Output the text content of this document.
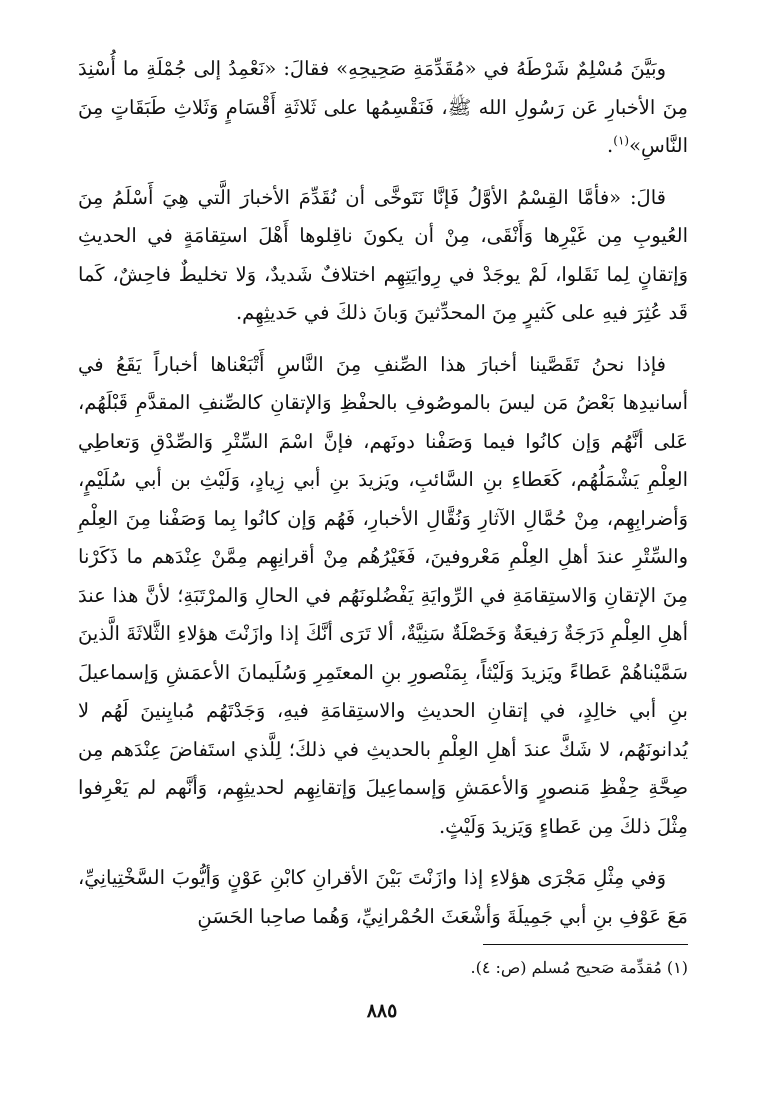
وبَيَّنَ مُسْلِمٌ شَرْطَهُ في «مُقَدِّمَةِ صَحِيحِهِ» فقالَ: «نَعْمِدُ إلى جُمْلَةِ ما أُسْنِدَ مِنَ الأخبارِ عَن رَسُولِ الله ﷺ، فَنَقْسِمُها على ثَلاثَةِ أَقْسَامٍ وَثَلاثِ طَبَقَاتٍ مِنَ النَّاسِ»$^{(١)}$.

قالَ: «فأمَّا القِسْمُ الأوَّلُ فَإنَّا نَتَوخَّى أن نُقَدِّمَ الأخبارَ الَّتي هِيَ أَسْلَمُ مِنَ العُيوبِ مِن غَيْرِها وَأَنْقَى، مِنْ أن يكونَ ناقِلوها أَهْلَ استِقامَةٍ في الحديثِ وَإتقانٍ لِما نَقَلوا، لَمْ يوجَدْ في رِوايَتِهِم اختلافٌ شَديدٌ، وَلا تخليطٌ فاحِشٌ، كَما قَد عُثِرَ فيهِ على كَثيرٍ مِنَ المحدِّثينَ وَبانَ ذلكَ في حَديثِهِم.

فإذا نحنُ تَقَصَّينا أخبارَ هذا الصِّنفِ مِنَ النَّاسِ أَتْبَعْناها أخباراً يَقَعُ في أسانيدِها بَعْضُ مَن ليسَ بالموصُوفِ بالحفْظِ وَالإتقانِ كالصِّنفِ المقدَّمِ قَبْلَهُم، عَلى أنَّهُم وَإن كانُوا فيما وَصَفْنا دونَهم، فإنَّ اسْمَ السِّتْرِ وَالصِّدْقِ وَتعاطِي العِلْمِ يَشْمَلُهُم، كَعَطاءِ بنِ السَّائبِ، ويَزيدَ بنِ أبي زِيادٍ، وَلَيْثِ بن أبي سُلَيْمٍ، وَأضرابِهِم، مِنْ حُمَّالِ الآثارِ وَنُقَّالِ الأخبارِ، فَهُم وَإن كانُوا بِما وَصَفْنا مِنَ العِلْمِ والسِّتْرِ عندَ أهلِ العِلْمِ مَعْروفينَ، فَغَيْرُهُم مِنْ أقرانِهِم مِمَّنْ عِنْدَهم ما ذَكَرْنا مِنَ الإتقانِ وَالاستِقامَةِ في الرِّوايَةِ يَفْضُلونَهُم في الحالِ وَالمرْتَبَةِ؛ لأنَّ هذا عندَ أهلِ العِلْمِ دَرَجَةٌ رَفيعَةٌ وَخَصْلَةٌ سَنِيَّةٌ، ألا تَرَى أنَّكَ إذا وازَنْتَ هؤلاءِ الثَّلاثَةَ الَّذينَ سَمَّيْناهُمْ عَطاءً ويَزيدَ وَلَيْثاً، بِمَنْصورِ بنِ المعتَمِرِ وَسُلَيمانَ الأعمَشِ وَإسماعيلَ بنِ أبي خالِدٍ، في إتقانِ الحديثِ والاستِقامَةِ فيهِ، وَجَدْتَهُم مُبايِنينَ لَهُم لا يُدانونَهُم، لا شَكَّ عندَ أهلِ العِلْمِ بالحديثِ في ذلكَ؛ لِلَّذي استَفاضَ عِنْدَهم مِن صِحَّةِ حِفْظِ مَنصورٍ وَالأعمَشِ وَإسماعِيلَ وَإتقانِهِم لحديثِهِم، وَأنَّهم لم يَعْرِفوا مِثْلَ ذلكَ مِن عَطاءٍ وَيَزيدَ وَلَيْثٍ.

وَفي مِثْلِ مَجْرَى هؤلاءِ إذا وازَنْتَ بَيْنَ الأقرانِ كابْنِ عَوْنٍ وَأيُّوبَ السَّخْتِيانِيِّ، مَعَ عَوْفِ بنِ أبي جَمِيلَةَ وَأشْعَثَ الحُمْرانِيِّ، وَهُما صاحِبا الحَسَنِ

(١) مُقدِّمة صَحيح مُسلم (ص: ٤).
٨٨٥
